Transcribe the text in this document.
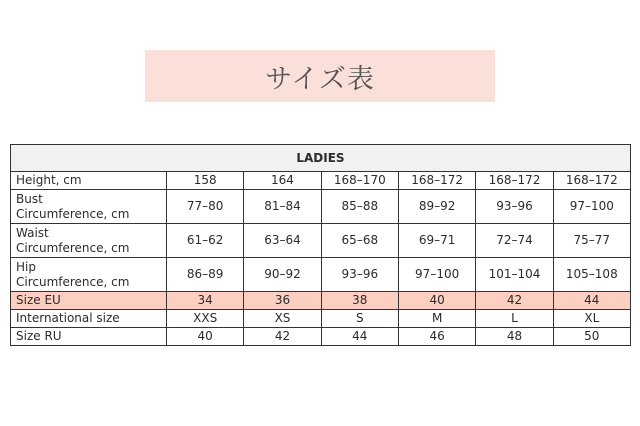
サイズ表
LADIES						
Height, cm	158	164	168–170	168–172	168–172	168–172
Bust
Circumference, cm	77–80	81–84	85–88	89–92	93–96	97–100
Waist
Circumference, cm	61–62	63–64	65–68	69–71	72–74	75–77
Hip
Circumference, cm	86–89	90–92	93–96	97–100	101–104	105–108
Size EU	34	36	38	40	42	44
International size	XXS	XS	S	M	L	XL
Size RU	40	42	44	46	48	50
